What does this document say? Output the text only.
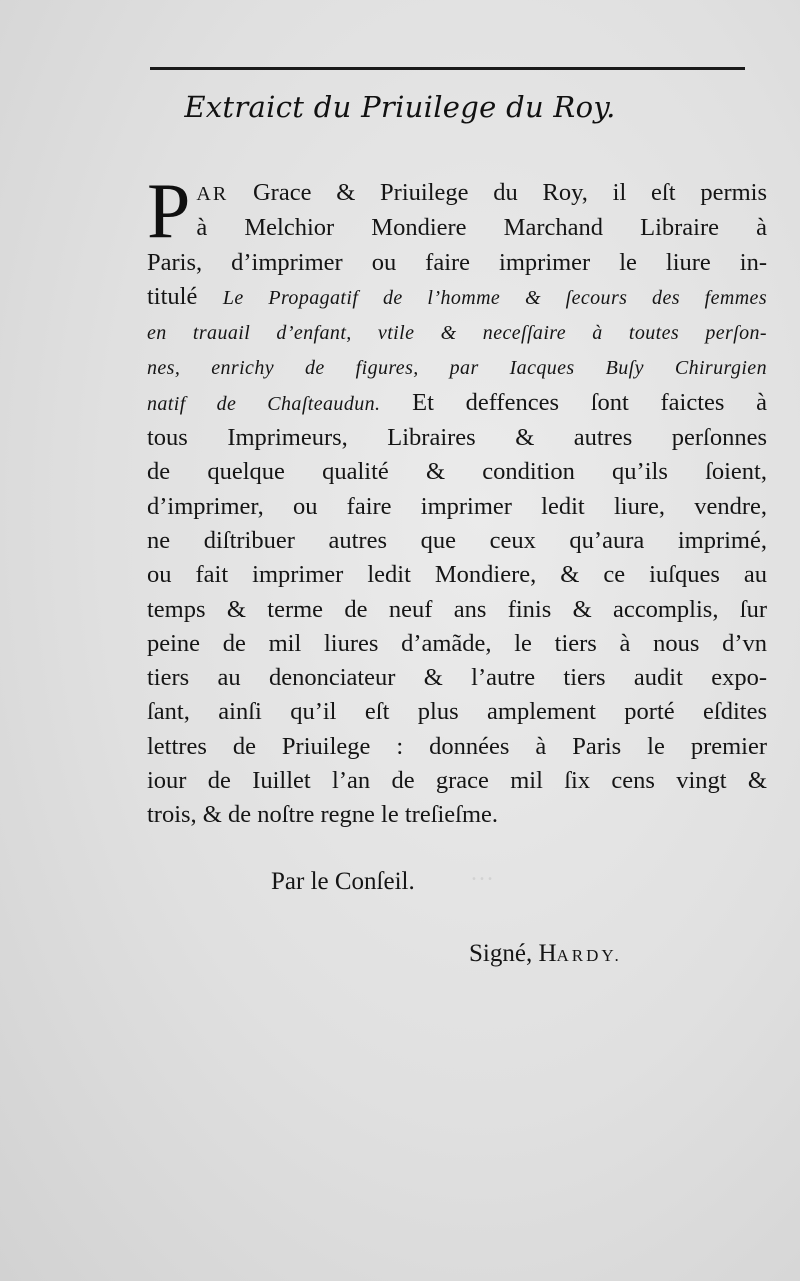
…
Extraict du Priuilege du Roy.
P AR Grace & Priuilege du Roy, il eſt permis
à Melchior Mondiere Marchand Libraire à
Paris, d’imprimer ou faire imprimer le liure in-
titulé Le Propagatif de l’homme & ſecours des femmes
en trauail d’enfant, vtile & neceſſaire à toutes perſon-
nes, enrichy de figures, par Iacques Buſy Chirurgien
natif de Chaſteaudun. Et deffences ſont faictes à
tous Imprimeurs, Libraires & autres perſonnes
de quelque qualité & condition qu’ils ſoient,
d’imprimer, ou faire imprimer ledit liure, vendre,
ne diſtribuer autres que ceux qu’aura imprimé,
ou fait imprimer ledit Mondiere, & ce iuſques au
temps & terme de neuf ans finis & accomplis, ſur
peine de mil liures d’amãde, le tiers à nous d’vn
tiers au denonciateur & l’autre tiers audit expo-
ſant, ainſi qu’il eſt plus amplement porté eſdites
lettres de Priuilege : données à Paris le premier
iour de Iuillet l’an de grace mil ſix cens vingt &
trois, & de noſtre regne le treſieſme.
Par le Conſeil.
Signé, HARDY.
